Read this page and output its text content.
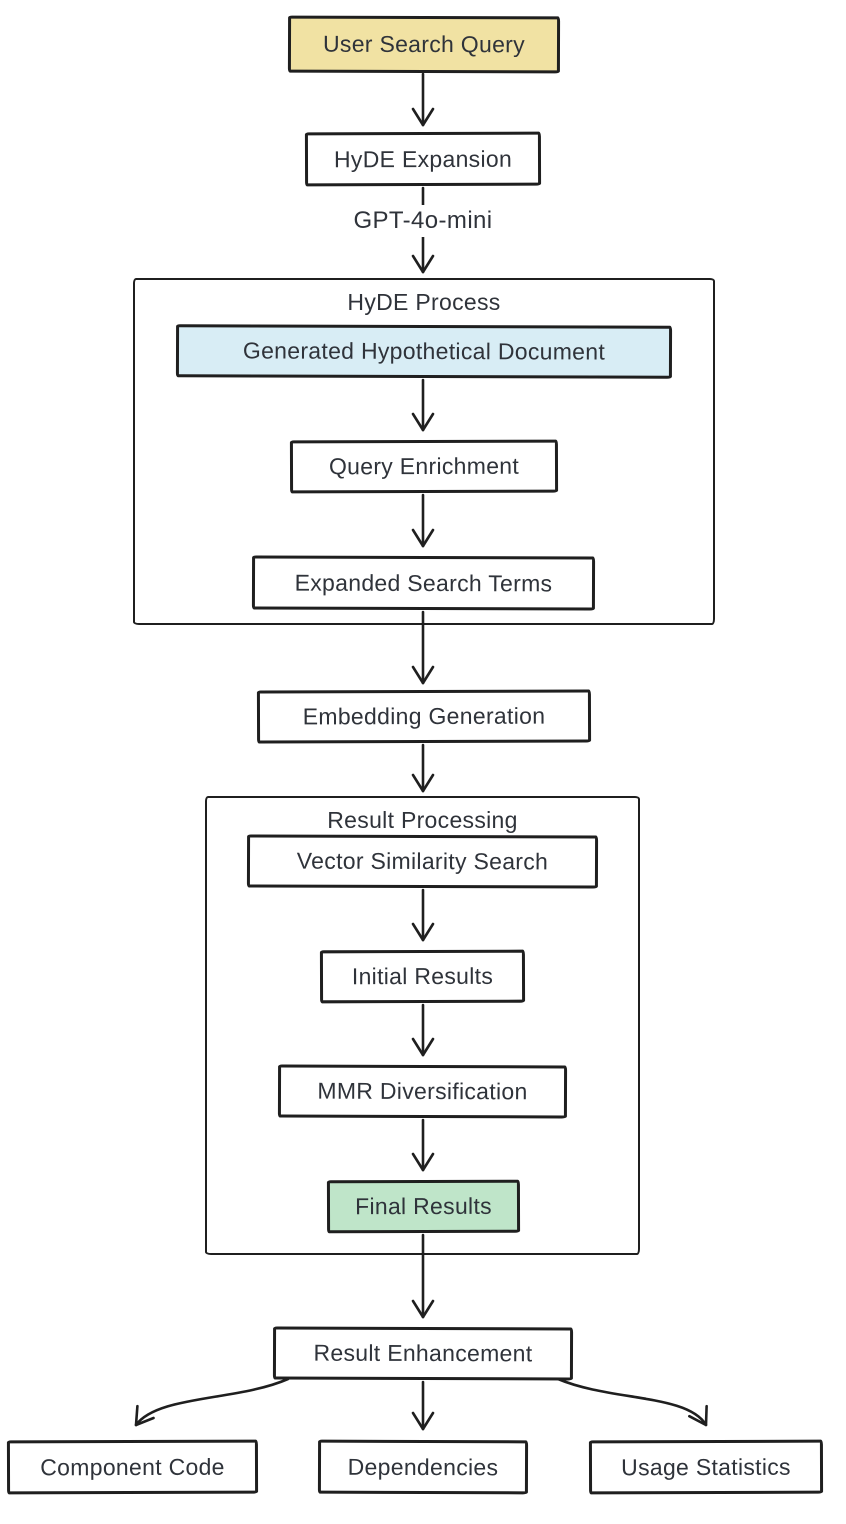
HyDE Process
Result Processing
User Search Query
HyDE Expansion
GPT-4o-mini
Generated Hypothetical Document
Query Enrichment
Expanded Search Terms
Embedding Generation
Vector Similarity Search
Initial Results
MMR Diversification
Final Results
Result Enhancement
Component Code	Dependencies	Usage Statistics
